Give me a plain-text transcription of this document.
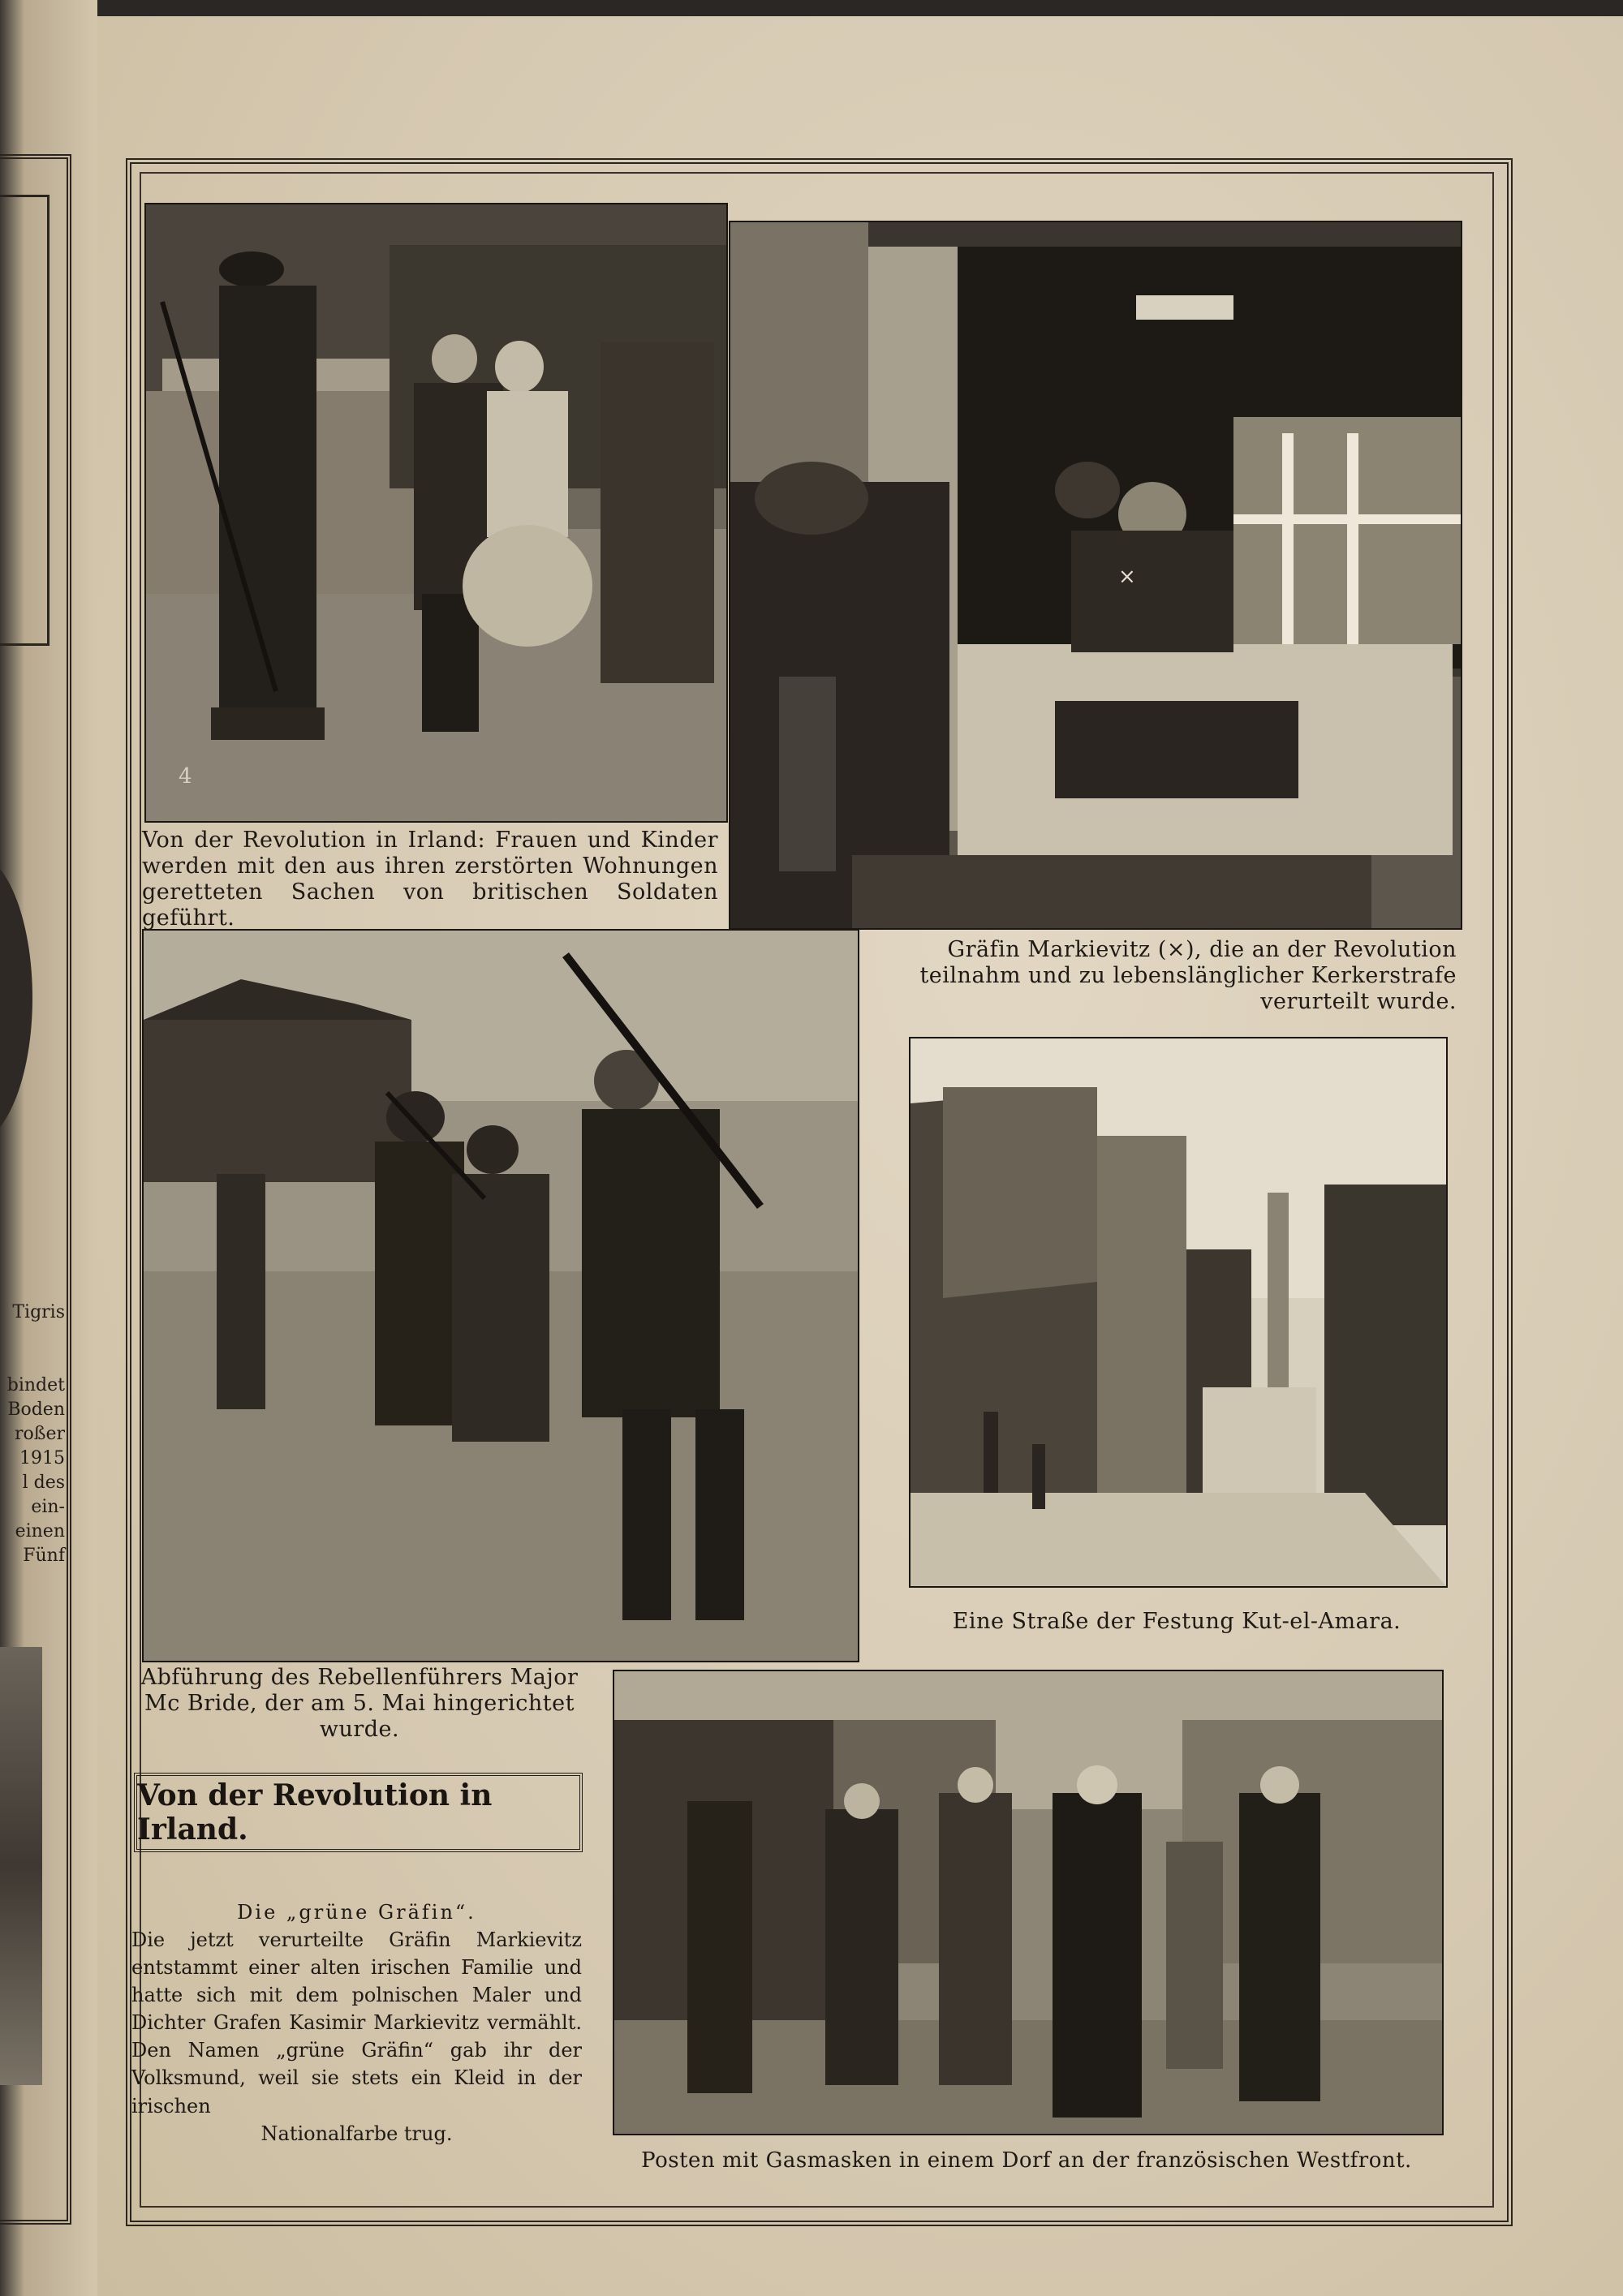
Tigris
bindet
Boden
roßer
1915
l des
ein-
einen
Fünf
4
×
Von der Revolution in Irland: Frauen und Kinder werden mit den aus ihren zerstörten Wohnungen geretteten Sachen von britischen Soldaten geführt.
Gräfin Markievitz (×), die an der Revolution teilnahm und zu lebenslänglicher Kerkerstrafe verurteilt wurde.
Abführung des Rebellenführers Major Mc Bride, der am 5. Mai hingerichtet wurde.
Eine Straße der Festung Kut-el-Amara.
Posten mit Gasmasken in einem Dorf an der französischen Westfront.
Von der Revolution in Irland.
Die „grüne Gräfin“.
Die jetzt verurteilte Gräfin Markievitz entstammt einer alten irischen Familie und hatte sich mit dem polnischen Maler und Dichter Grafen Kasimir Markievitz vermählt. Den Namen „grüne Gräfin“ gab ihr der Volksmund, weil sie stets ein Kleid in der irischen
Nationalfarbe trug.
